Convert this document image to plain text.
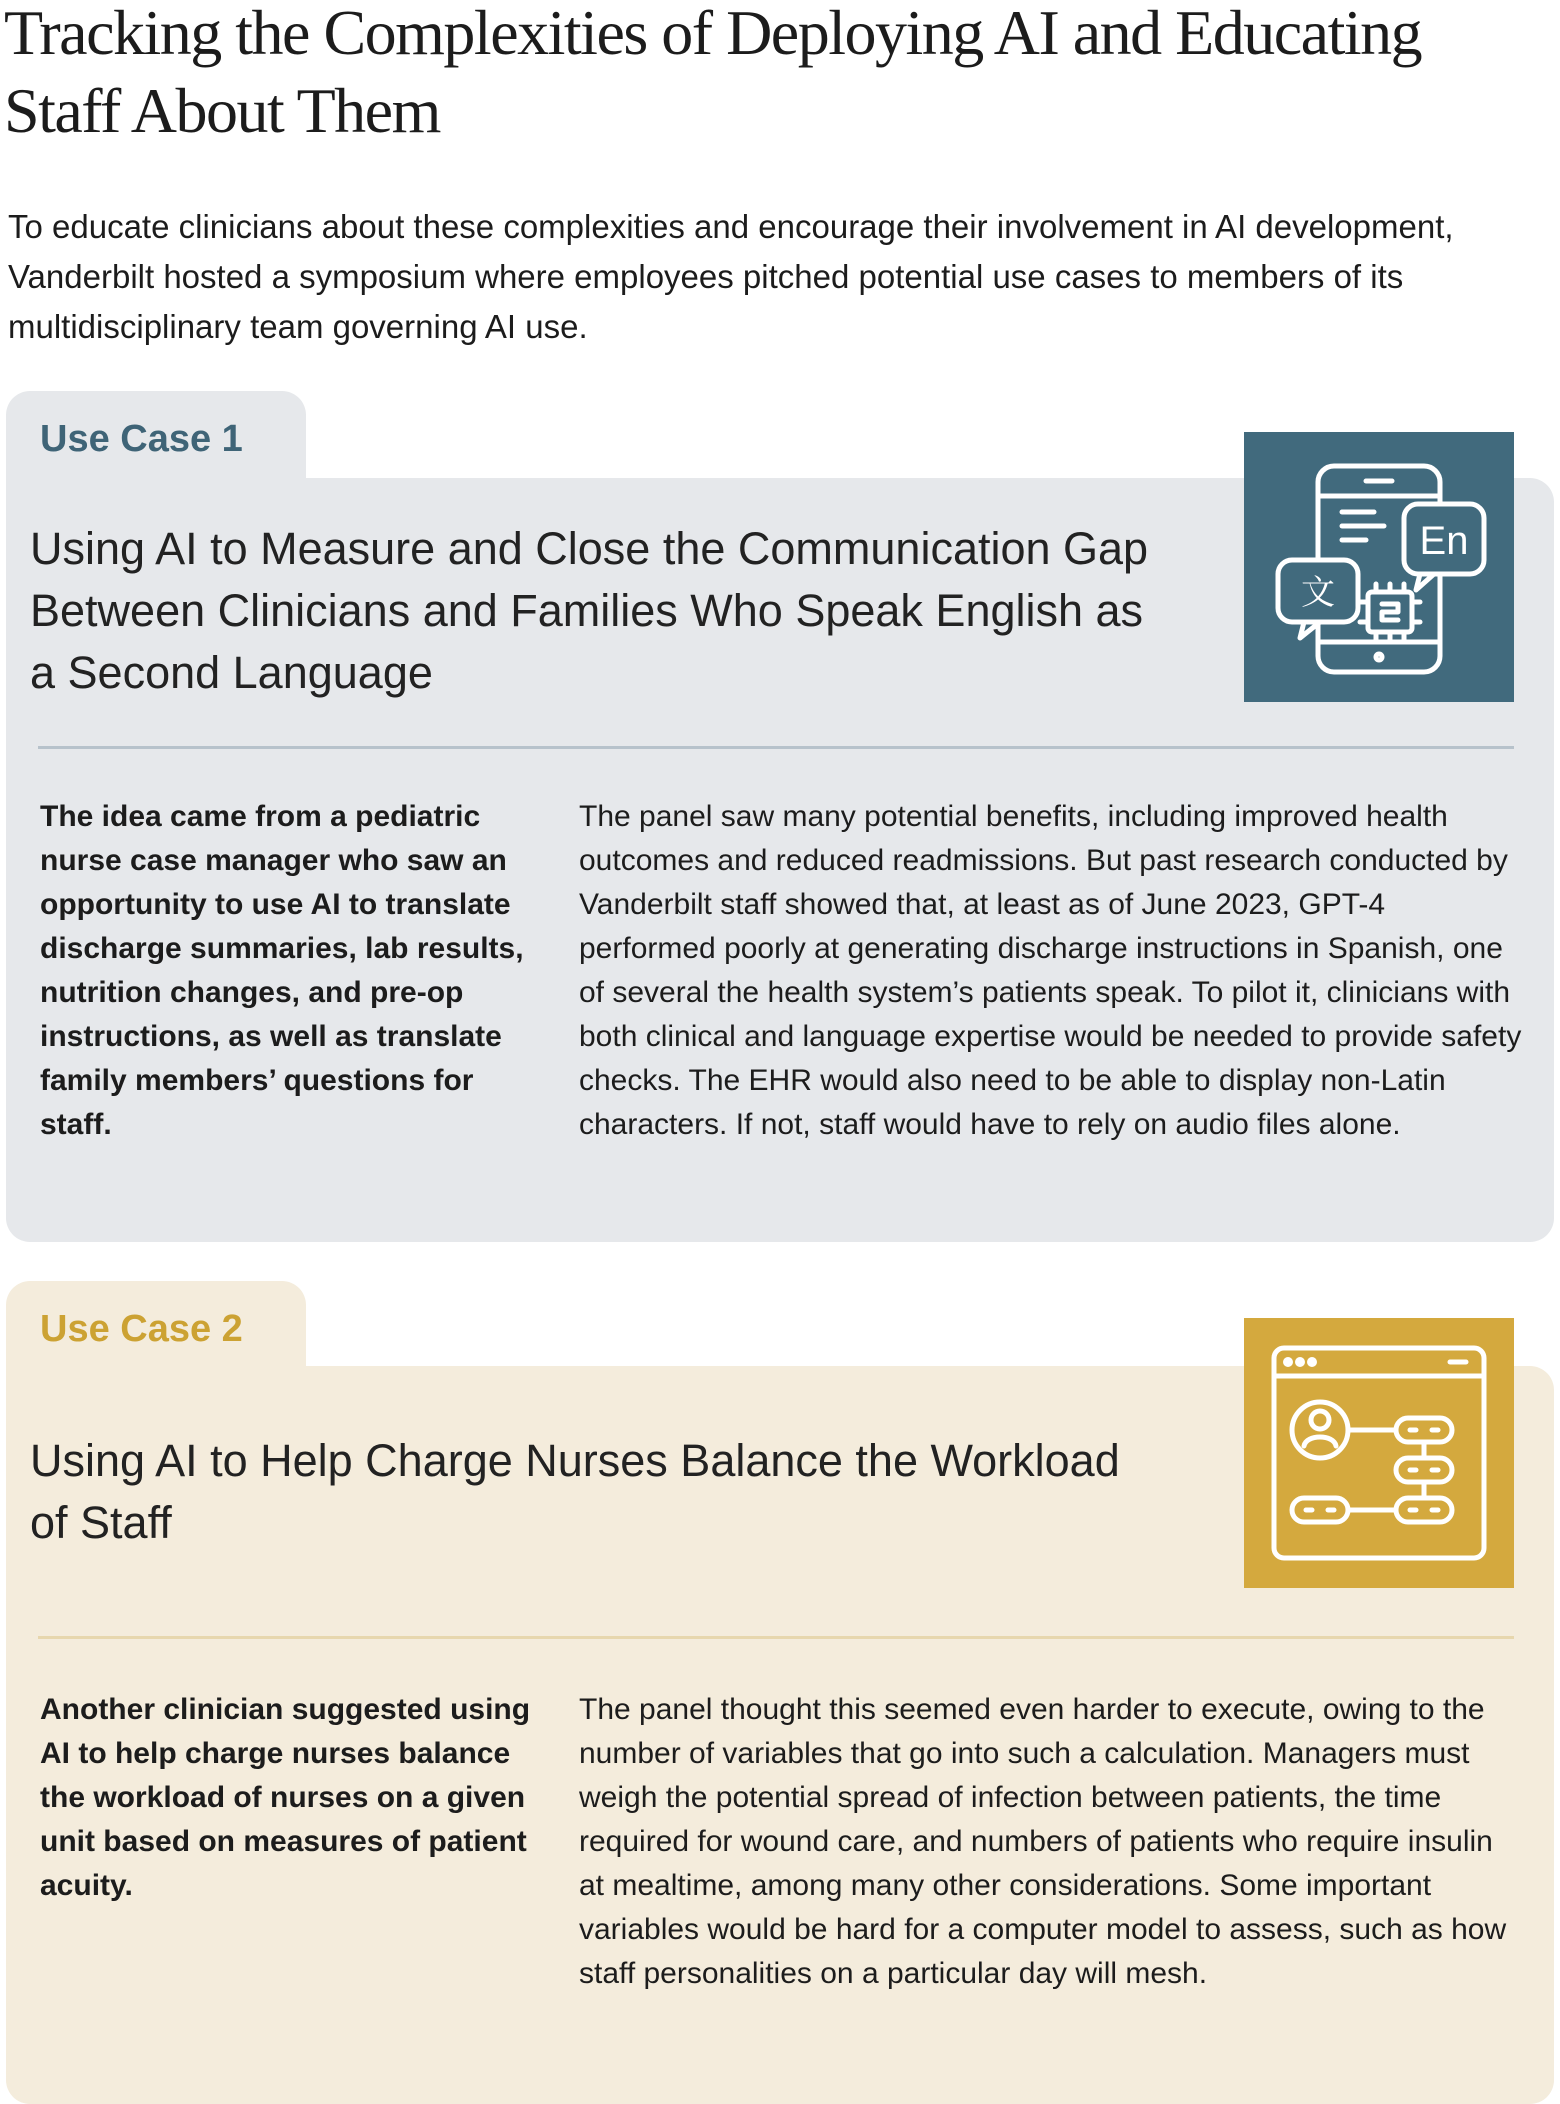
Tracking the Complexities of Deploying AI and Educating Staff About Them

To educate clinicians about these complexities and encourage their involvement in AI development, Vanderbilt hosted a symposium where employees pitched potential use cases to members of its multidisciplinary team governing AI use.

Use Case 1

Using AI to Measure and Close the Communication Gap Between Clinicians and Families Who Speak English as a Second Language
En
文

The idea came from a pediatric nurse case manager who saw an opportunity to use AI to translate discharge summaries, lab results, nutrition changes, and pre-op instructions, as well as translate family members’ questions for staff.

The panel saw many potential benefits, including improved health outcomes and reduced readmissions. But past research conducted by Vanderbilt staff showed that, at least as of June 2023, GPT-4 performed poorly at generating discharge instructions in Spanish, one of several the health system’s patients speak. To pilot it, clinicians with both clinical and language expertise would be needed to provide safety checks. The EHR would also need to be able to display non-Latin characters. If not, staff would have to rely on audio files alone.

Use Case 2

Using AI to Help Charge Nurses Balance the Workload of Staff

Another clinician suggested using AI to help charge nurses balance the workload of nurses on a given unit based on measures of patient acuity.

The panel thought this seemed even harder to execute, owing to the number of variables that go into such a calculation. Managers must weigh the potential spread of infection between patients, the time required for wound care, and numbers of patients who require insulin at mealtime, among many other considerations. Some important variables would be hard for a computer model to assess, such as how staff personalities on a particular day will mesh.
